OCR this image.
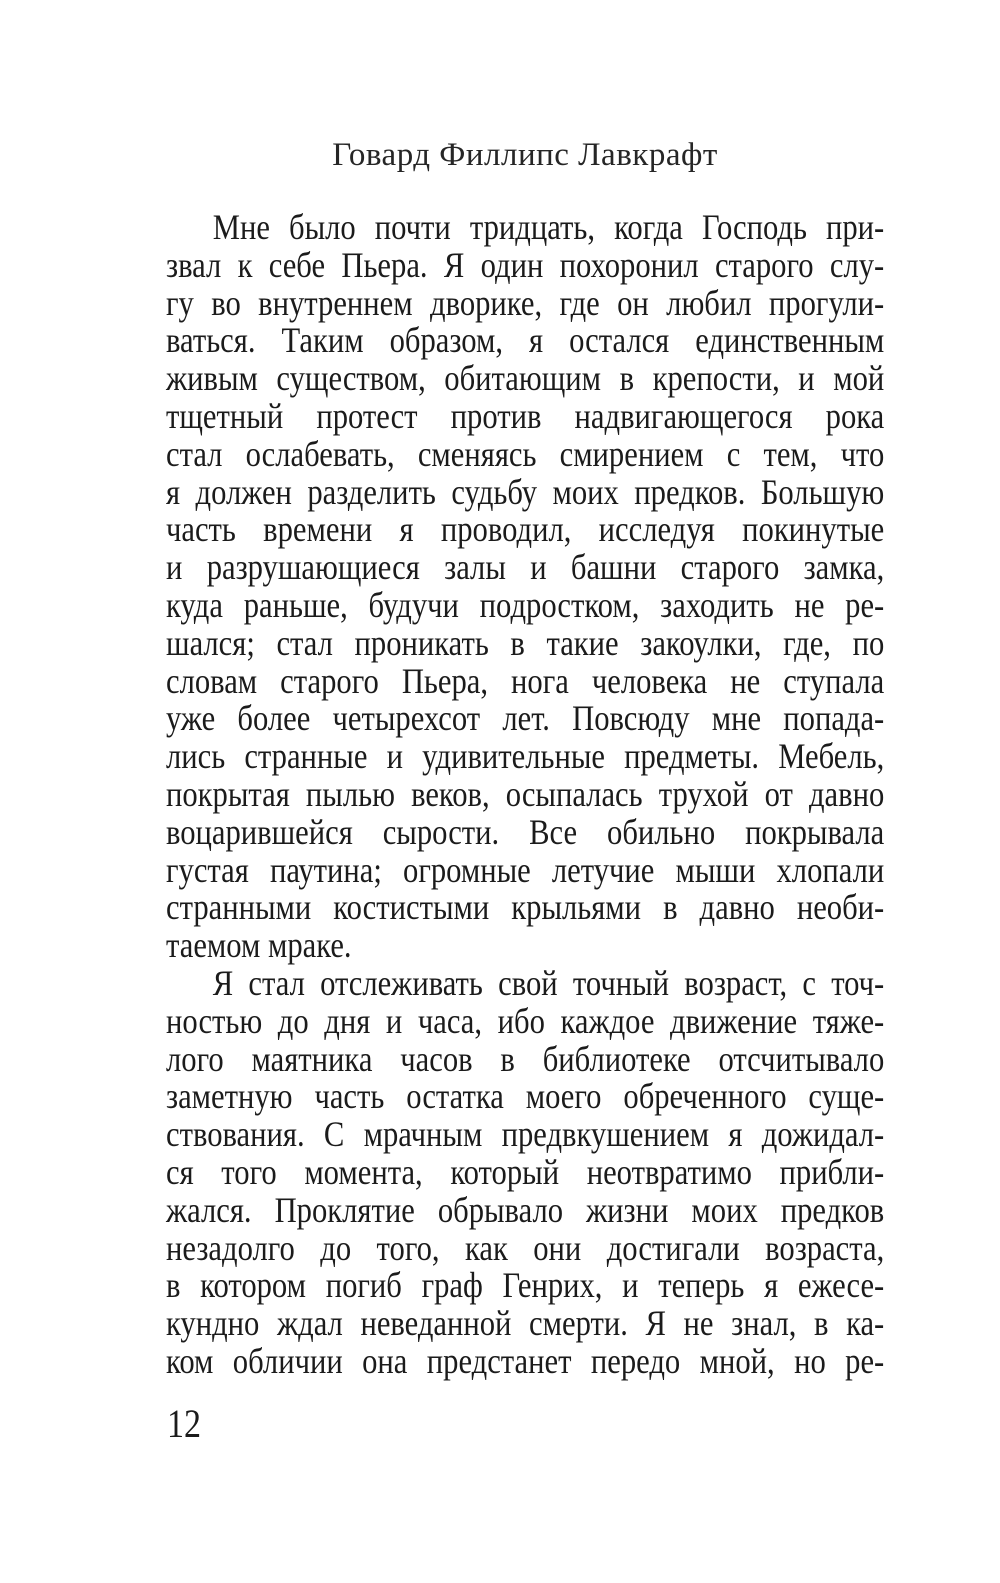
Говард Филлипс Лавкрафт
Мне было почти тридцать, когда Господь при-
звал к себе Пьера. Я один похоронил старого слу-
гу во внутреннем дворике, где он любил прогули-
ваться. Таким образом, я остался единственным
живым существом, обитающим в крепости, и мой
тщетный протест против надвигающегося рока
стал ослабевать, сменяясь смирением с тем, что
я должен разделить судьбу моих предков. Большую
часть времени я проводил, исследуя покинутые
и разрушающиеся залы и башни старого замка,
куда раньше, будучи подростком, заходить не ре-
шался; стал проникать в такие закоулки, где, по
словам старого Пьера, нога человека не ступала
уже более четырехсот лет. Повсюду мне попада-
лись странные и удивительные предметы. Мебель,
покрытая пылью веков, осыпалась трухой от давно
воцарившейся сырости. Все обильно покрывала
густая паутина; огромные летучие мыши хлопали
странными костистыми крыльями в давно необи-
таемом мраке.
Я стал отслеживать свой точный возраст, с точ-
ностью до дня и часа, ибо каждое движение тяже-
лого маятника часов в библиотеке отсчитывало
заметную часть остатка моего обреченного суще-
ствования. С мрачным предвкушением я дожидал-
ся того момента, который неотвратимо прибли-
жался. Проклятие обрывало жизни моих предков
незадолго до того, как они достигали возраста,
в котором погиб граф Генрих, и теперь я ежесе-
кундно ждал неведанной смерти. Я не знал, в ка-
ком обличии она предстанет передо мной, но ре-
12
